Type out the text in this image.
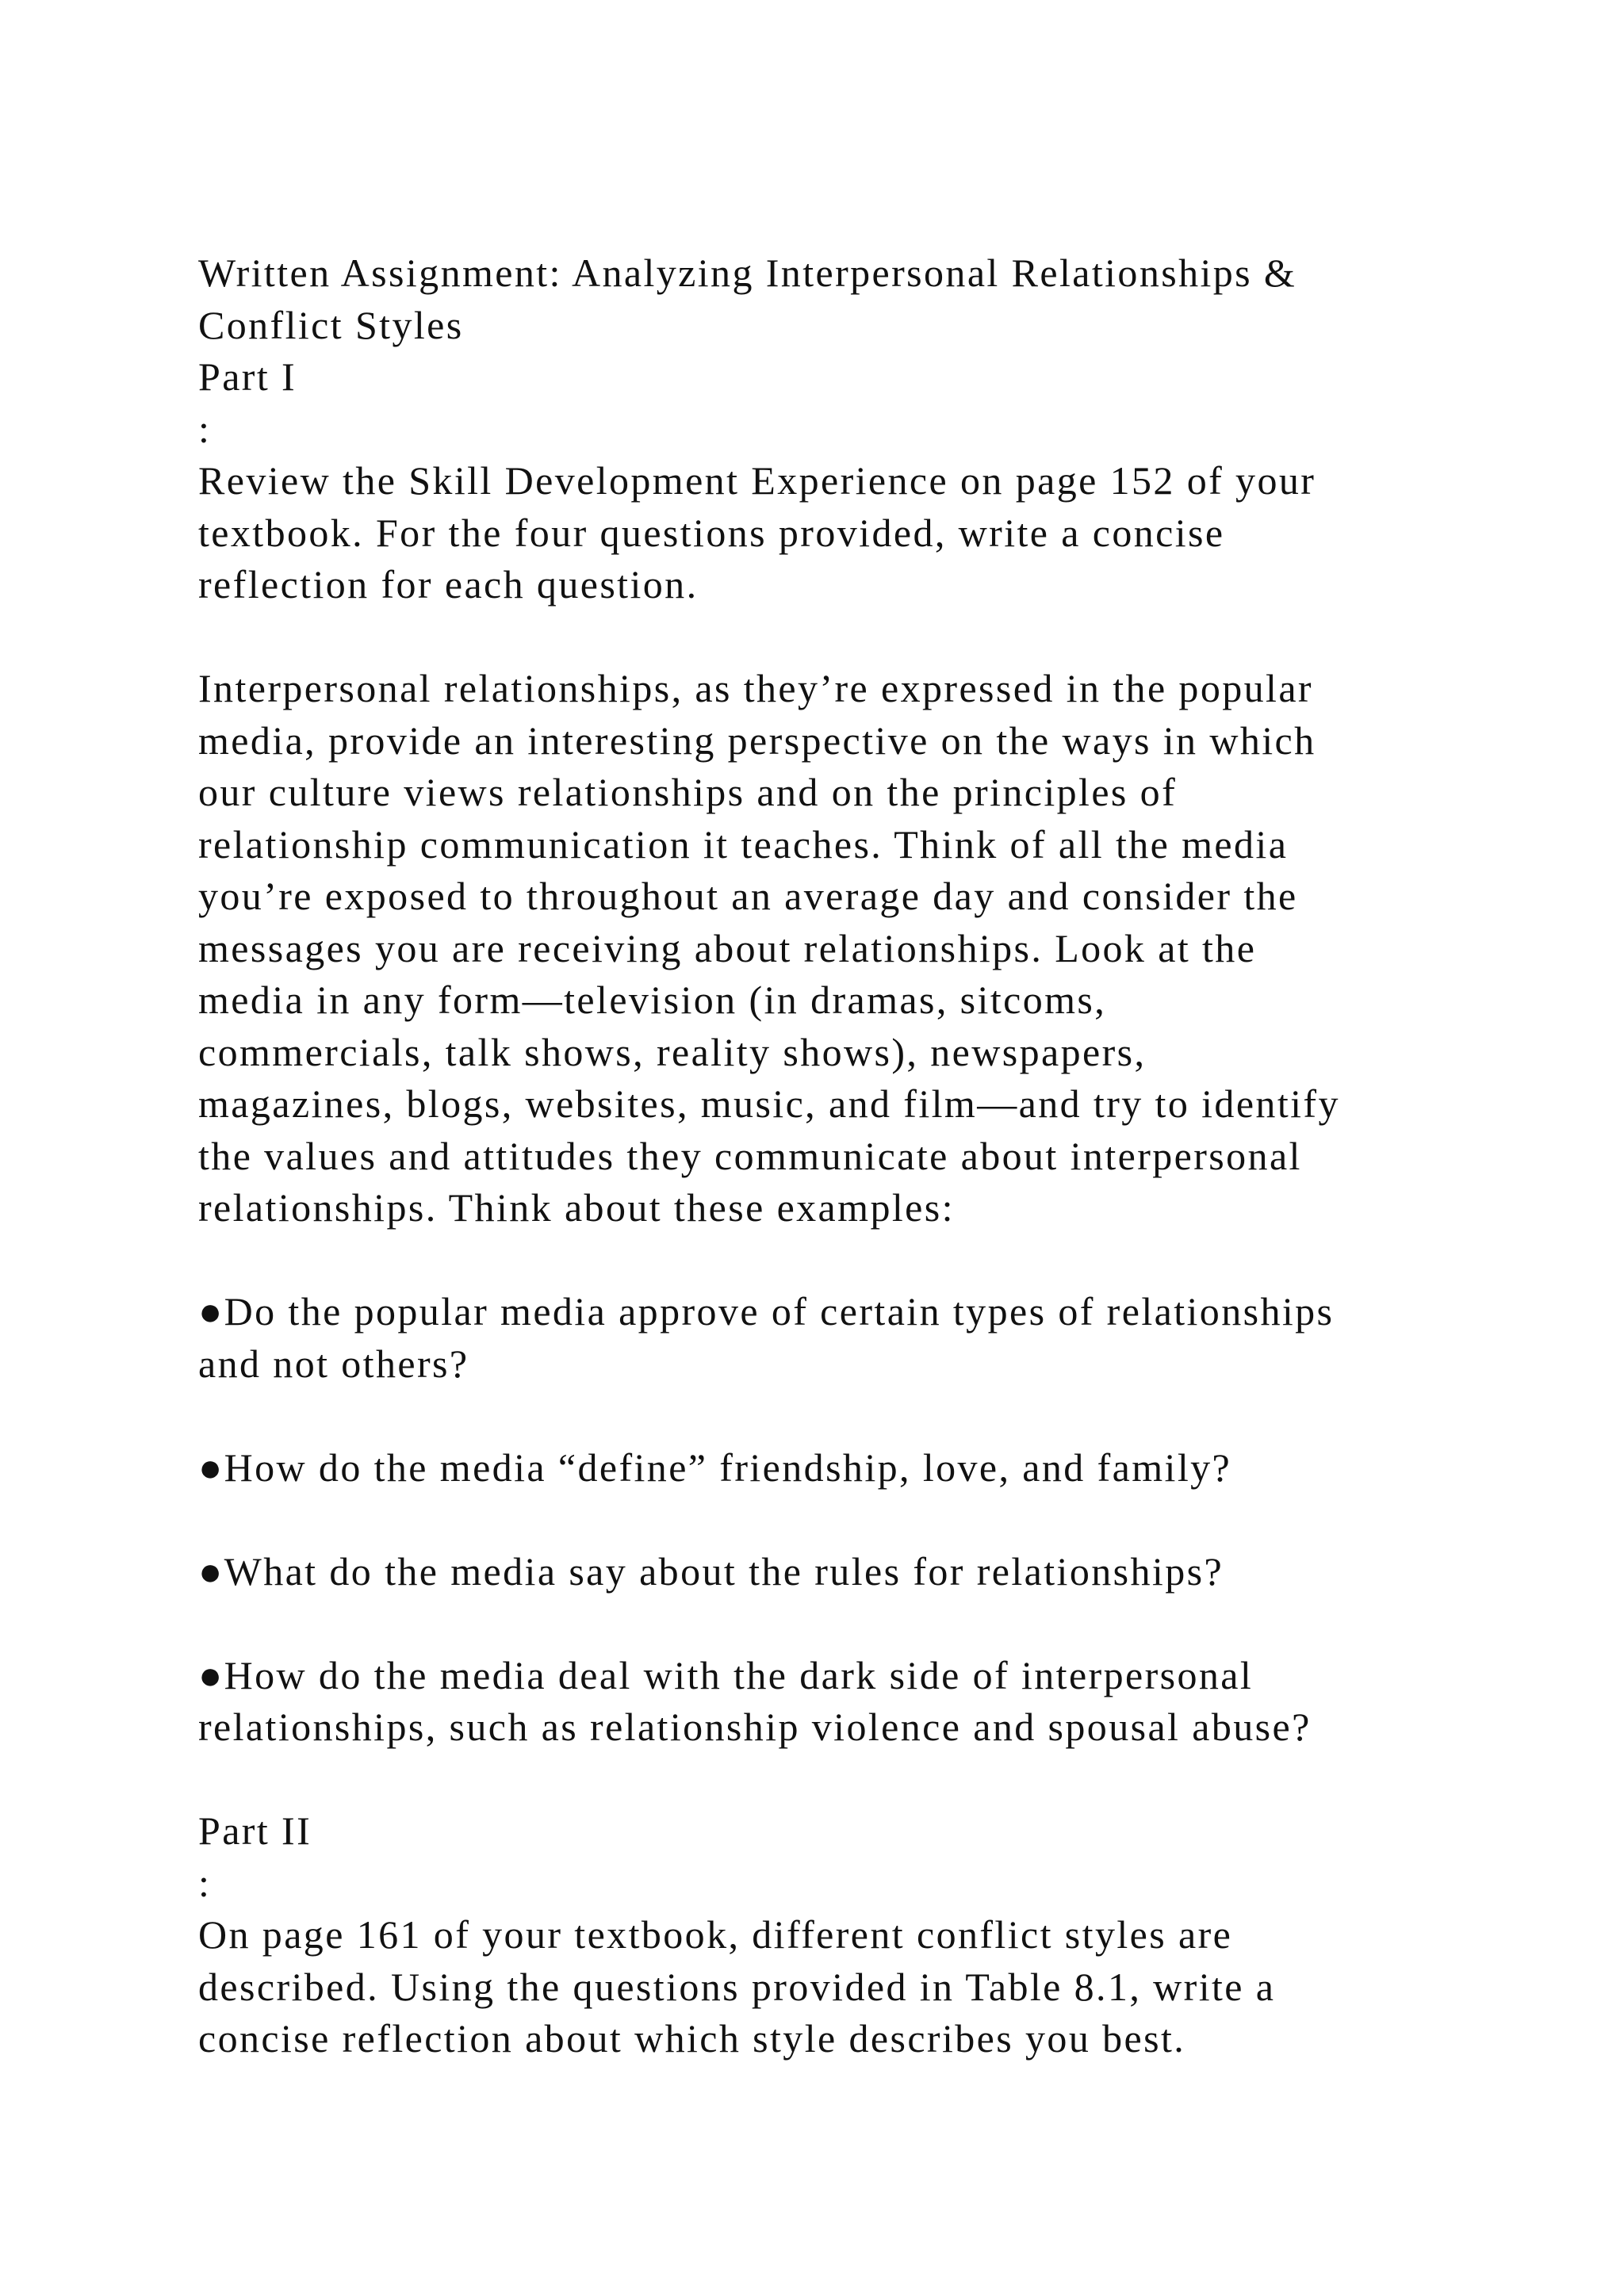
Written Assignment: Analyzing Interpersonal Relationships &
Conflict Styles
Part I
:
Review the Skill Development Experience on page 152 of your
textbook. For the four questions provided, write a concise
reflection for each question.
Interpersonal relationships, as they’re expressed in the popular
media, provide an interesting perspective on the ways in which
our culture views relationships and on the principles of
relationship communication it teaches. Think of all the media
you’re exposed to throughout an average day and consider the
messages you are receiving about relationships. Look at the
media in any form—television (in dramas, sitcoms,
commercials, talk shows, reality shows), newspapers,
magazines, blogs, websites, music, and film—and try to identify
the values and attitudes they communicate about interpersonal
relationships. Think about these examples:
●Do the popular media approve of certain types of relationships
and not others?
●How do the media “define” friendship, love, and family?
●What do the media say about the rules for relationships?
●How do the media deal with the dark side of interpersonal
relationships, such as relationship violence and spousal abuse?
Part II
:
On page 161 of your textbook, different conflict styles are
described. Using the questions provided in Table 8.1, write a
concise reflection about which style describes you best.
